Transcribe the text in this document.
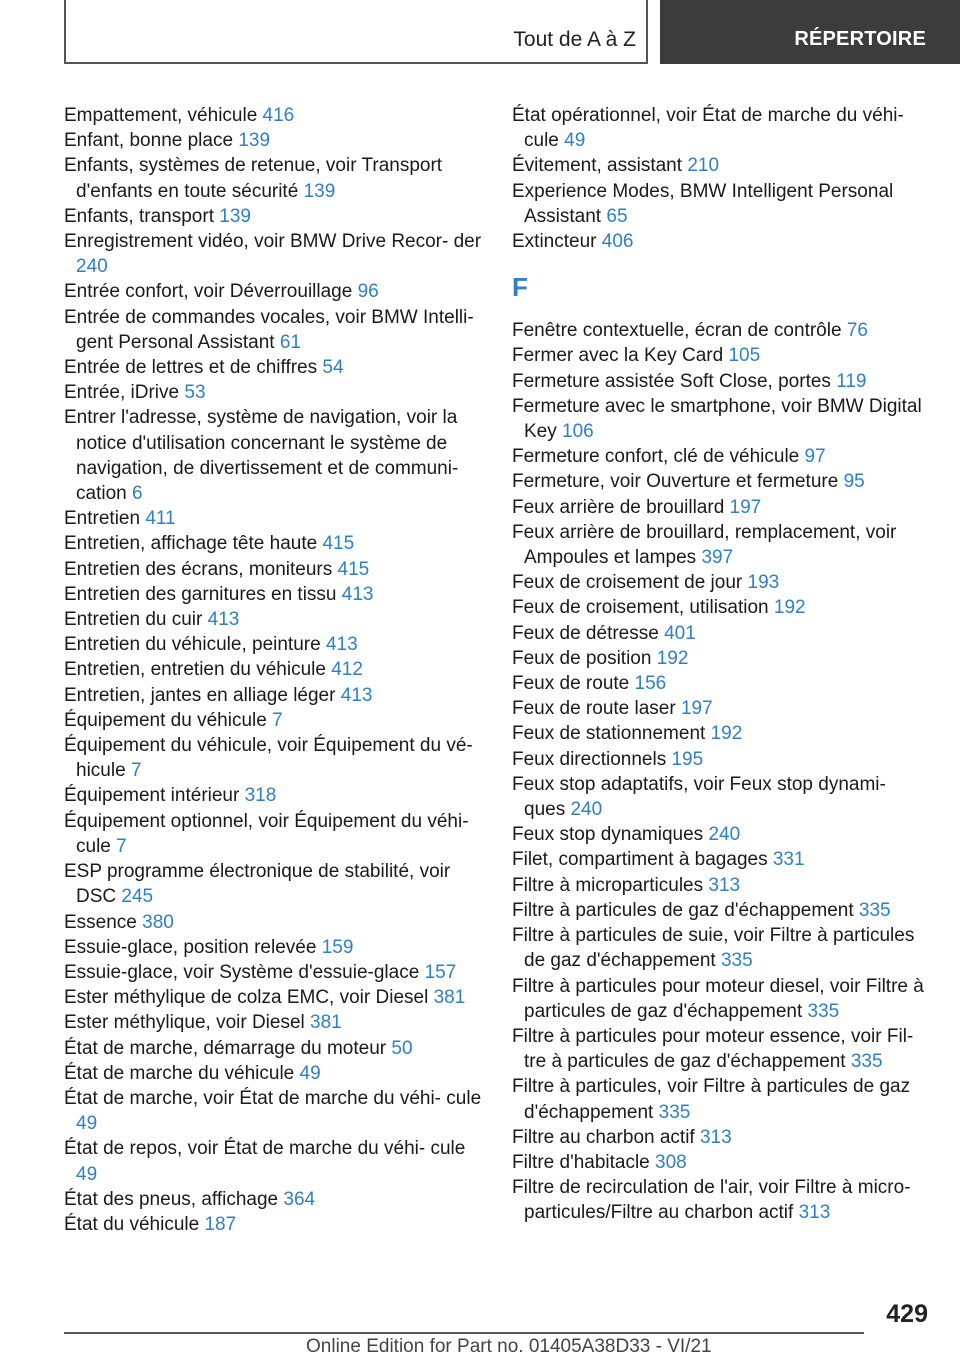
Tout de A à Z	RÉPERTOIRE
Empattement, véhicule 416
Enfant, bonne place 139
Enfants, systèmes de retenue, voir Transport d'enfants en toute sécurité 139
Enfants, transport 139
Enregistrement vidéo, voir BMW Drive Recor‐ der 240
Entrée confort, voir Déverrouillage 96
Entrée de commandes vocales, voir BMW Intelli‐ gent Personal Assistant 61
Entrée de lettres et de chiffres 54
Entrée, iDrive 53
Entrer l'adresse, système de navigation, voir la notice d'utilisation concernant le système de navigation, de divertissement et de communi‐ cation 6
Entretien 411
Entretien, affichage tête haute 415
Entretien des écrans, moniteurs 415
Entretien des garnitures en tissu 413
Entretien du cuir 413
Entretien du véhicule, peinture 413
Entretien, entretien du véhicule 412
Entretien, jantes en alliage léger 413
Équipement du véhicule 7
Équipement du véhicule, voir Équipement du vé‐ hicule 7
Équipement intérieur 318
Équipement optionnel, voir Équipement du véhi‐ cule 7
ESP programme électronique de stabilité, voir DSC 245
Essence 380
Essuie-glace, position relevée 159
Essuie-glace, voir Système d'essuie-glace 157
Ester méthylique de colza EMC, voir Diesel 381
Ester méthylique, voir Diesel 381
État de marche, démarrage du moteur 50
État de marche du véhicule 49
État de marche, voir État de marche du véhi‐ cule 49
État de repos, voir État de marche du véhi‐ cule 49
État des pneus, affichage 364
État du véhicule 187
État opérationnel, voir État de marche du véhi‐ cule 49
Évitement, assistant 210
Experience Modes, BMW Intelligent Personal Assistant 65
Extincteur 406
F
Fenêtre contextuelle, écran de contrôle 76
Fermer avec la Key Card 105
Fermeture assistée Soft Close, portes 119
Fermeture avec le smartphone, voir BMW Digital Key 106
Fermeture confort, clé de véhicule 97
Fermeture, voir Ouverture et fermeture 95
Feux arrière de brouillard 197
Feux arrière de brouillard, remplacement, voir Ampoules et lampes 397
Feux de croisement de jour 193
Feux de croisement, utilisation 192
Feux de détresse 401
Feux de position 192
Feux de route 156
Feux de route laser 197
Feux de stationnement 192
Feux directionnels 195
Feux stop adaptatifs, voir Feux stop dynami‐ ques 240
Feux stop dynamiques 240
Filet, compartiment à bagages 331
Filtre à microparticules 313
Filtre à particules de gaz d'échappement 335
Filtre à particules de suie, voir Filtre à particules de gaz d'échappement 335
Filtre à particules pour moteur diesel, voir Filtre à particules de gaz d'échappement 335
Filtre à particules pour moteur essence, voir Fil‐ tre à particules de gaz d'échappement 335
Filtre à particules, voir Filtre à particules de gaz d'échappement 335
Filtre au charbon actif 313
Filtre d'habitacle 308
Filtre de recirculation de l'air, voir Filtre à micro‐ particules/Filtre au charbon actif 313
429
Online Edition for Part no. 01405A38D33 - VI/21
